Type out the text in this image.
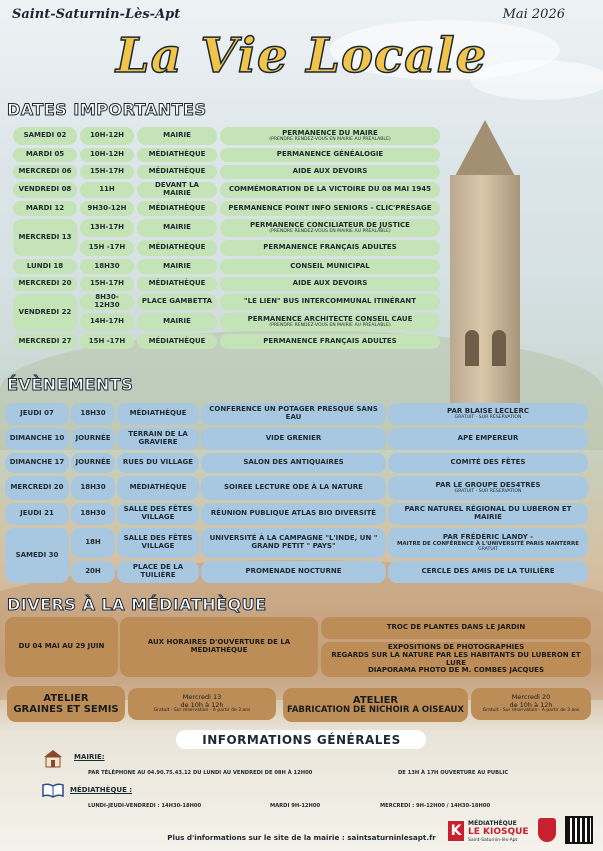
Saint-Saturnin-Lès-Apt	Mai 2026
La Vie Locale
DATES IMPORTANTES
SAMEDI 02	10H-12H	MAIRIE	PERMANENCE DU MAIRE
(PRENDRE RENDEZ-VOUS EN MAIRIE AU PRÉALABLE)
MARDI 05	10H-12H	MÉDIATHÈQUE	PERMANENCE GÉNÉALOGIE
MERCREDI 06	15H-17H	MÉDIATHÈQUE	AIDE AUX DEVOIRS
VENDREDI 08	11H	DEVANT LA MAIRIE	COMMÉMORATION DE LA VICTOIRE DU 08 MAI 1945
MARDI 12	9H30-12H	MÉDIATHÈQUE	PERMANENCE POINT INFO SENIORS - CLIC'PRÉSAGE
MERCREDI 13
13H-17H	MAIRIE	PERMANENCE CONCILIATEUR DE JUSTICE
(PRENDRE RENDEZ-VOUS EN MAIRIE AU PRÉALABLE)
15H -17H	MÉDIATHÈQUE	PERMANENCE FRANÇAIS ADULTES
LUNDI 18	18H30	MAIRIE	CONSEIL MUNICIPAL
MERCREDI 20	15H-17H	MÉDIATHÈQUE	AIDE AUX DEVOIRS
VENDREDI 22
8H30-12H30	PLACE GAMBETTA	"LE LIEN" BUS INTERCOMMUNAL ITINÉRANT
14H-17H	MAIRIE	PERMANENCE ARCHITECTE CONSEIL CAUE
(PRENDRE RENDEZ-VOUS EN MAIRIE AU PRÉALABLE)
MERCREDI 27	15H -17H	MÉDIATHÈQUE	PERMANENCE FRANÇAIS ADULTES
ÉVÈNEMENTS
JEUDI 07	18H30	MÉDIATHÈQUE	CONFERENCE UN POTAGER PRESQUE SANS EAU
PAR BLAISE LECLERC
GRATUIT - SUR RÉSERVATION
DIMANCHE 10	JOURNÉE	TERRAIN DE LA GRAVIERE	VIDE GRENIER	APE EMPEREUR
DIMANCHE 17	JOURNÉE	RUES DU VILLAGE	SALON DES ANTIQUAIRES	COMITÉ DES FÊTES
MERCREDI 20	18H30	MÉDIATHÈQUE	SOIREE LECTURE ODE À LA NATURE	PAR LE GROUPE DES4TRES
GRATUIT - SUR RÉSERVATION
JEUDI 21	18H30	SALLE DES FÊTES VILLAGE	RÉUNION PUBLIQUE ATLAS BIO DIVERSITÉ	PARC NATUREL RÉGIONAL DU LUBERON ET MAIRIE
SAMEDI 30
18H	SALLE DES FÊTES VILLAGE
UNIVERSITÉ À LA CAMPAGNE "L'INDE, UN " GRAND PETIT " PAYS"
PAR FRÉDÉRIC LANDY -
MAITRE DE CONFÉRENCE À L'UNIVERSITÉ PARIS NANTERRE
GRATUIT
20H	PLACE DE LA TUILIÈRE	PROMENADE NOCTURNE	CERCLE DES AMIS DE LA TUILIÈRE
DIVERS À LA MÉDIATHÈQUE
DU 04 MAI AU 29 JUIN	AUX HORAIRES D'OUVERTURE DE LA MÉDIATHÈQUE
TROC DE PLANTES DANS LE JARDIN
EXPOSITIONS DE PHOTOGRAPHIES
REGARDS SUR LA NATURE PAR LES HABITANTS DU LUBERON ET LURE
DIAPORAMA PHOTO DE M. COMBES JACQUES
ATELIER
GRAINES ET SEMIS
Mercredi 13
de 10h à 12h
Gratuit - Sur réservation - A partir de 3 ans
ATELIER
FABRICATION DE NICHOIR A OISEAUX
Mercredi 20
de 10h à 12h
Gratuit - Sur réservation - A partir de 3 ans
INFORMATIONS GÉNÉRALES
MAIRIE:
PAR TÉLÉPHONE AU 04.90.75.43.12 DU LUNDI AU VENDREDI DE 08H À 12H00	DE 13H À 17H OUVERTURE AU PUBLIC
MÉDIATHÈQUE :
LUNDI-JEUDI-VENDREDI : 14H30-18H00	MARDI 9H-12H00	MERCREDI : 9H-12H00 / 14H30-18H00
Plus d'informations sur le site de la mairie : saintsaturninlesapt.fr	K	MÉDIATHÈQUE
LE KIOSQUE
Saint-Saturnin-lès-Apt
